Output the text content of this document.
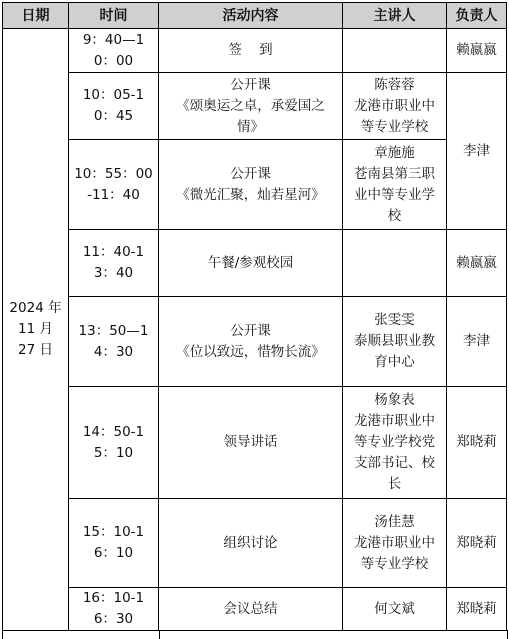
日期	时间	活动内容	主讲人	负责人

2024 年
11 月
27 日	9：40—10：00	签    到		赖嬴嬴
	10：05-10：45	公开课
《颂奥运之卓，承爱国之
情》	陈蓉蓉
龙港市职业中
等专业学校	李津
	10：55：00-11：40	公开课
《微光汇聚，灿若星河》	章施施
苍南县第三职
业中等专业学
校	

	11：40-13：40	午餐/参观校园		赖嬴嬴
	13：50—14：30	公开课
《位以致远，惜物长流》	张雯雯
泰顺县职业教
育中心	李津
	14：50-15：10	领导讲话	杨象表
龙港市职业中
等专业学校党
支部书记、校
长	郑晓莉
	15：10-16：10	组织讨论	汤佳慧
龙港市职业中
等专业学校	郑晓莉
	16：10-16：30	会议总结	何文斌	郑晓莉
